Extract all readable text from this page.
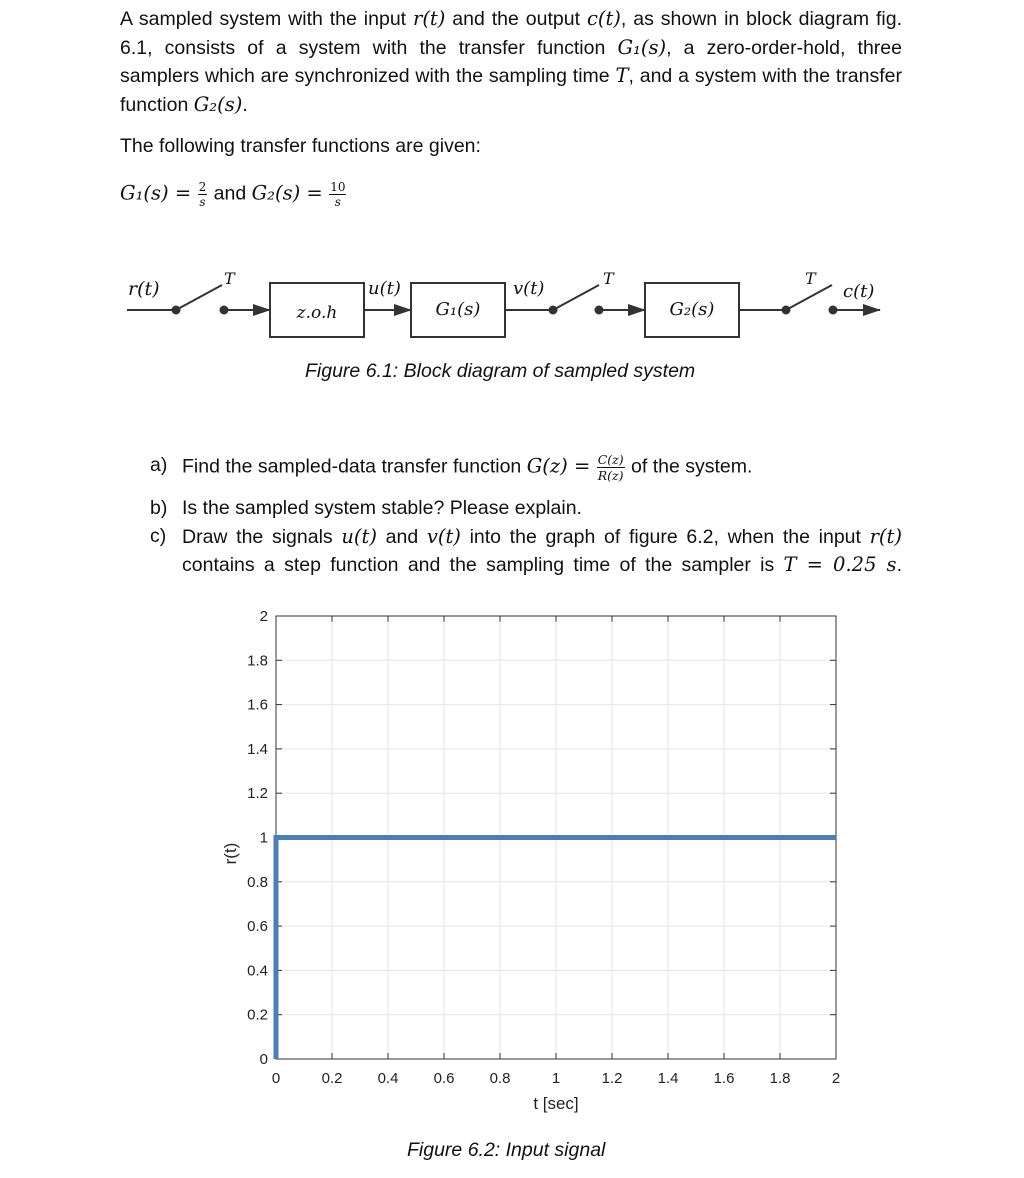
A sampled system with the input r(t) and the output c(t), as shown in block diagram fig. 6.1, consists of a system with the transfer function G₁(s), a zero-order-hold, three samplers which are synchronized with the sampling time T, and a system with the transfer function G₂(s).
The following transfer functions are given:
$G_1(s) = \frac{2}{s}$ and $G_2(s) = \frac{10}{s}$
r(t)	T
z.o.h
u(t)
G₁(s)
v(t)	T
G₂(s)
T
c(t)
Figure 6.1: Block diagram of sampled system
a) Find the sampled-data transfer function $G(z) = \frac{C(z)}{R(z)}$ of the system.
b) Is the sampled system stable? Please explain.
c) Draw the signals u(t) and v(t) into the graph of figure 6.2, when the input r(t)
contains a step function and the sampling time of the sampler is T = 0.25 s.
0	0.2 0.4 0.6 0.8	1	1.2 1.4 1.6 1.8	2
0
0.2
0.4
0.6
0.8
1
1.2
1.4
1.6
1.8
2
t [sec]
r(t)
Figure 6.2: Input signal
